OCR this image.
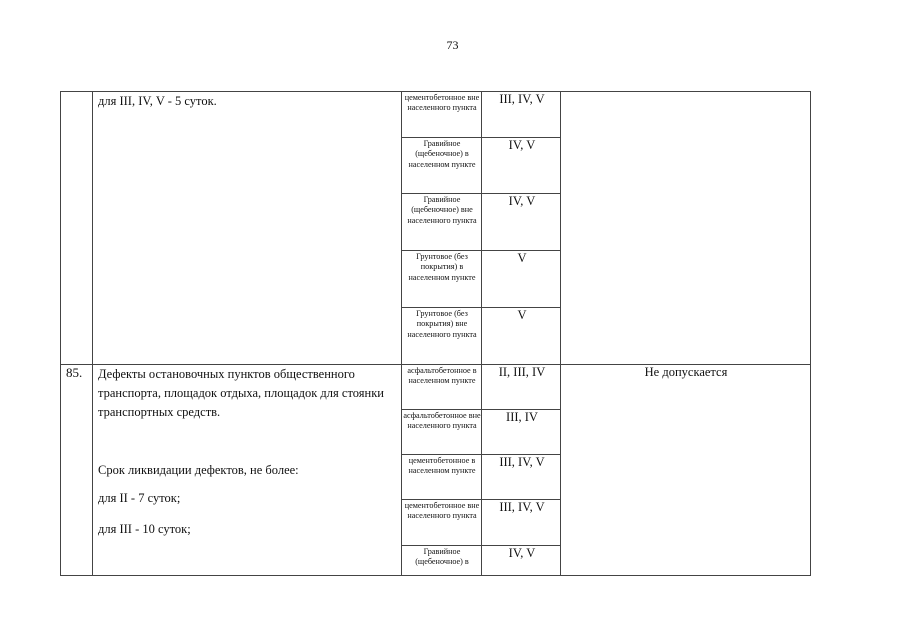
73
для III, IV, V - 5 суток.	цементобетонное вне населенного пункта
III, IV, V
Гравийное (щебеночное) в населенном пункте
IV, V
Гравийное (щебеночное) вне населенного пункта
IV, V
Грунтовое (без покрытия) в населенном пункте
V
Грунтовое (без покрытия) вне населенного пункта
V
85. Дефекты остановочных пунктов общественного транспорта, площадок отдыха, площадок для стоянки транспортных средств.
Срок ликвидации дефектов, не более:
для II - 7 суток;
для III - 10 суток;
Не допускается
асфальтобетонное в населенном пункте
II, III, IV
асфальтобетонное вне населенного пункта
III, IV
цементобетонное в населенном пункте
III, IV, V
цементобетонное вне населенного пункта
III, IV, V
Гравийное (щебеночное) в
IV, V
